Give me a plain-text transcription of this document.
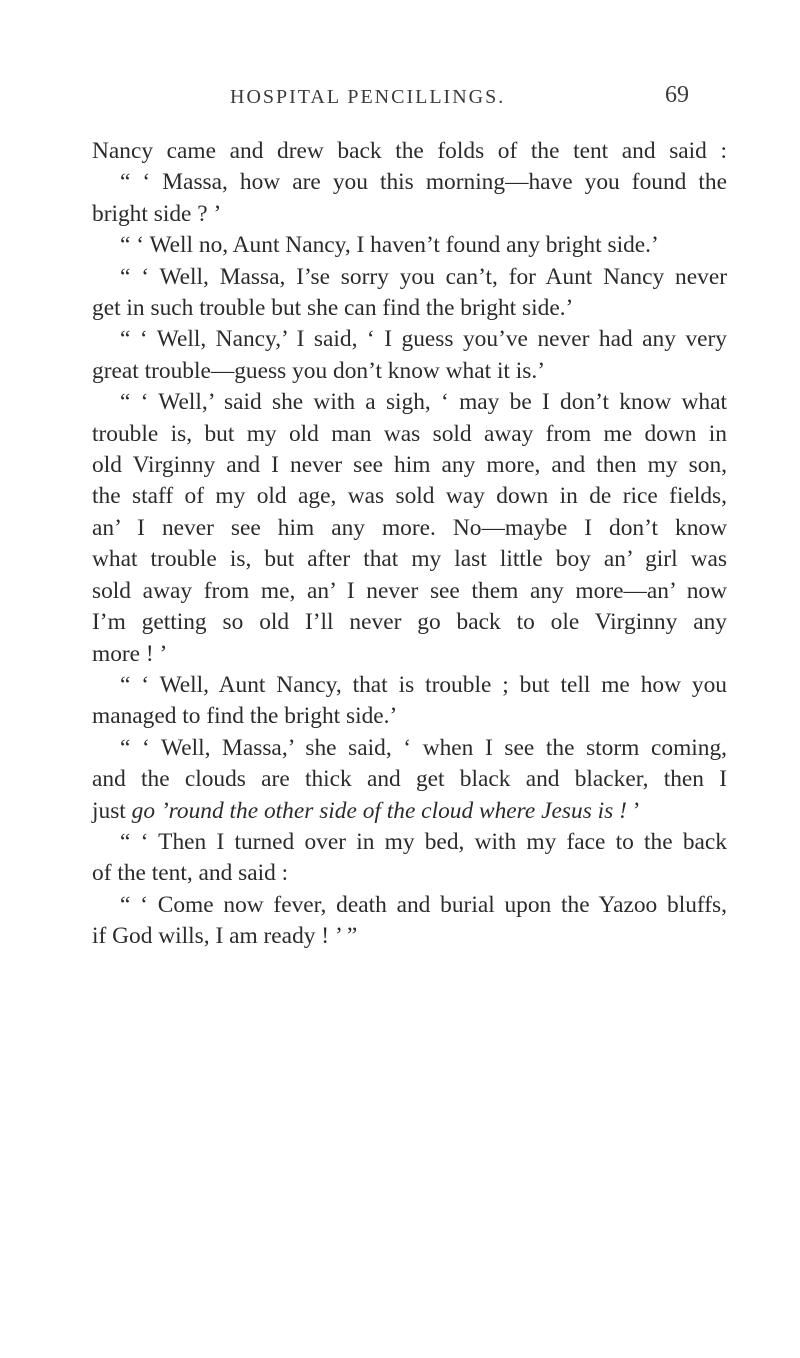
HOSPITAL PENCILLINGS.	69
Nancy came and drew back the folds of the tent and said :
“ ‘ Massa, how are you this morning—have you found the
bright side ? ’
“ ‘ Well no, Aunt Nancy, I haven’t found any bright side.’
“ ‘ Well, Massa, I’se sorry you can’t, for Aunt Nancy never
get in such trouble but she can find the bright side.’
“ ‘ Well, Nancy,’ I said, ‘ I guess you’ve never had any very
great trouble—guess you don’t know what it is.’
“ ‘ Well,’ said she with a sigh, ‘ may be I don’t know what
trouble is, but my old man was sold away from me down in
old Virginny and I never see him any more, and then my son,
the staff of my old age, was sold way down in de rice fields,
an’ I never see him any more. No—maybe I don’t know
what trouble is, but after that my last little boy an’ girl was
sold away from me, an’ I never see them any more—an’ now
I’m getting so old I’ll never go back to ole Virginny any
more ! ’
“ ‘ Well, Aunt Nancy, that is trouble ; but tell me how you
managed to find the bright side.’
“ ‘ Well, Massa,’ she said, ‘ when I see the storm coming,
and the clouds are thick and get black and blacker, then I
just go ’round the other side of the cloud where Jesus is ! ’
“ ‘ Then I turned over in my bed, with my face to the back
of the tent, and said :
“ ‘ Come now fever, death and burial upon the Yazoo bluffs,
if God wills, I am ready ! ’ ”
